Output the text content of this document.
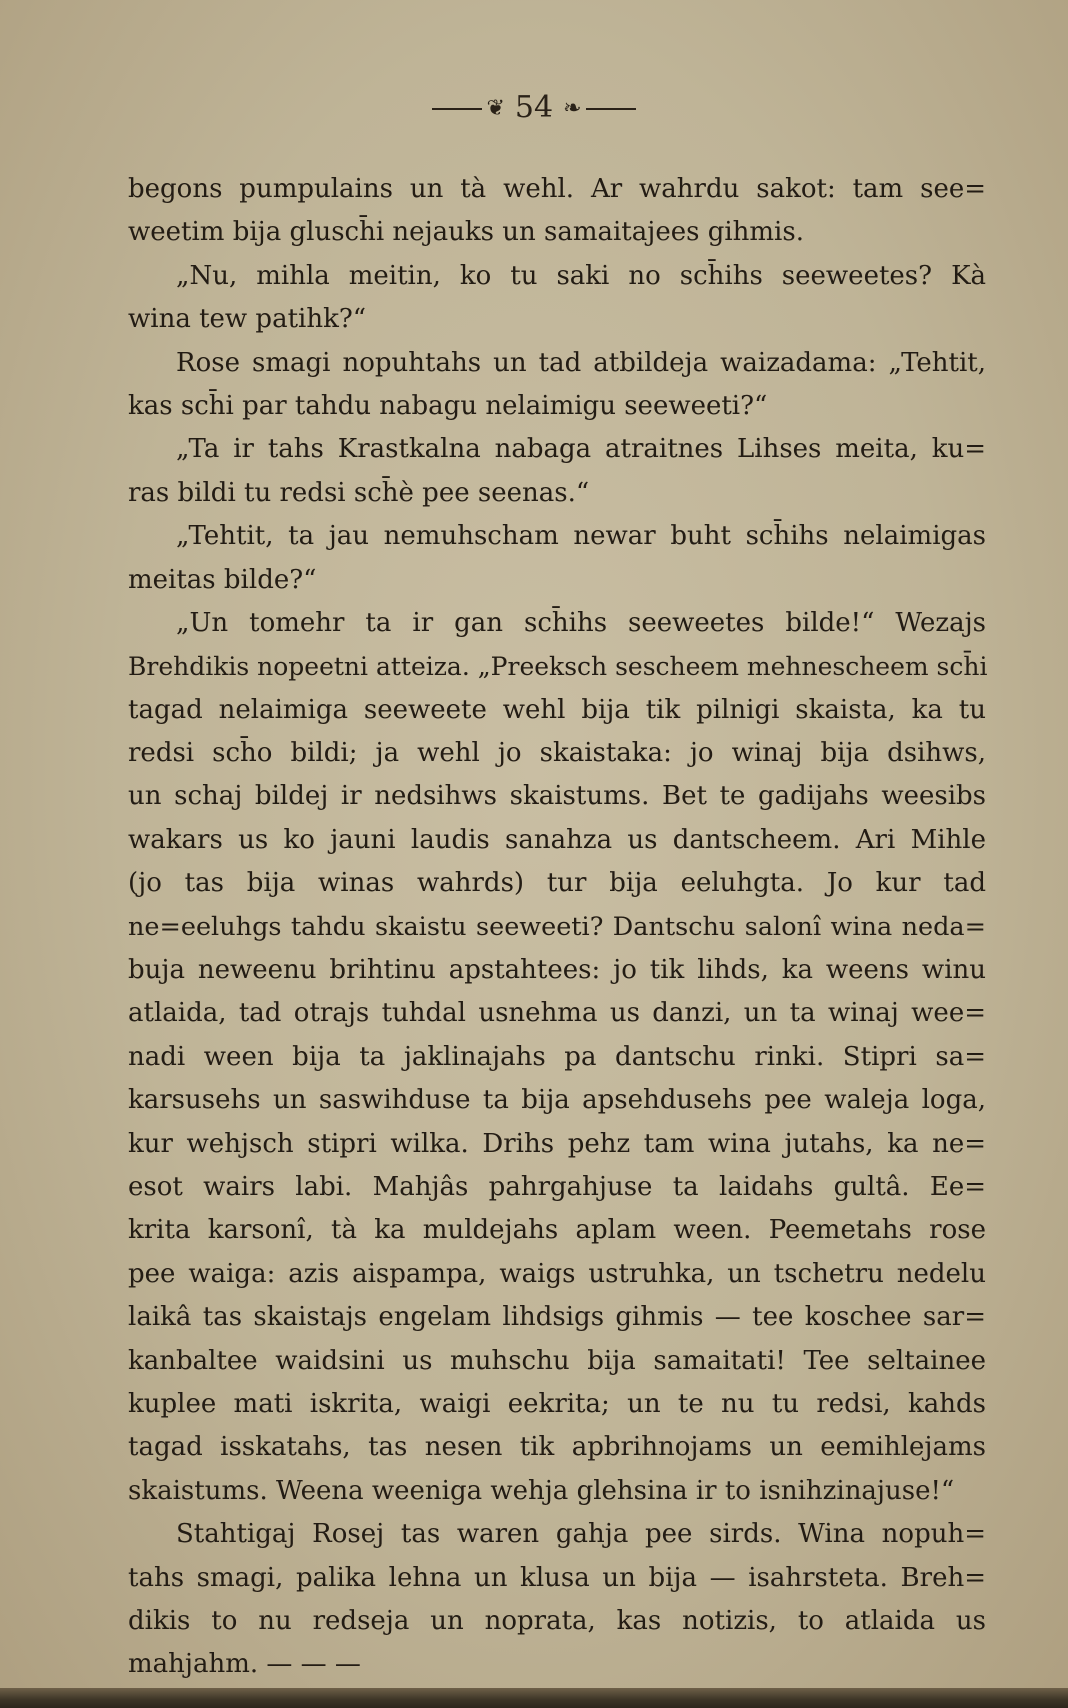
❦ 54 ❧
begons pumpulains un tà wehl. Ar wahrdu sakot: tam see=
weetim bija glusch̄i nejauks un samaitajees gihmis.
„Nu, mihla meitin, ko tu saki no sch̄ihs seeweetes? Kà
wina tew patihk?“
Rose smagi nopuhtahs un tad atbildeja waizadama: „Tehtit,
kas sch̄i par tahdu nabagu nelaimigu seeweeti?“
„Ta ir tahs Krastkalna nabaga atraitnes Lihses meita, ku=
ras bildi tu redsi sch̄è pee seenas.“
„Tehtit, ta jau nemuhscham newar buht sch̄ihs nelaimigas
meitas bilde?“
„Un tomehr ta ir gan sch̄ihs seeweetes bilde!“ Wezajs
Brehdikis nopeetni atteiza. „Preeksch sescheem mehnescheem sch̄i
tagad nelaimiga seeweete wehl bija tik pilnigi skaista, ka tu
redsi sch̄o bildi; ja wehl jo skaistaka: jo winaj bija dsihws,
un schaj bildej ir nedsihws skaistums. Bet te gadijahs weesibs
wakars us ko jauni laudis sanahza us dantscheem. Ari Mihle
(jo tas bija winas wahrds) tur bija eeluhgta. Jo kur tad
ne=eeluhgs tahdu skaistu seeweeti? Dantschu salonî wina neda=
buja neweenu brihtinu apstahtees: jo tik lihds, ka weens winu
atlaida, tad otrajs tuhdal usnehma us danzi, un ta winaj wee=
nadi ween bija ta jaklinajahs pa dantschu rinki. Stipri sa=
karsusehs un saswihduse ta bija apsehdusehs pee waleja loga,
kur wehjsch stipri wilka. Drihs pehz tam wina jutahs, ka ne=
esot wairs labi. Mahjâs pahrgahjuse ta laidahs gultâ. Ee=
krita karsonî, tà ka muldejahs aplam ween. Peemetahs rose
pee waiga: azis aispampa, waigs ustruhka, un tschetru nedelu
laikâ tas skaistajs engelam lihdsigs gihmis — tee koschee sar=
kanbaltee waidsini us muhschu bija samaitati! Tee seltainee
kuplee mati iskrita, waigi eekrita; un te nu tu redsi, kahds
tagad isskatahs, tas nesen tik apbrihnojams un eemihlejams
skaistums. Weena weeniga wehja glehsina ir to isnihzinajuse!“
Stahtigaj Rosej tas waren gahja pee sirds. Wina nopuh=
tahs smagi, palika lehna un klusa un bija — isahrsteta. Breh=
dikis to nu redseja un noprata, kas notizis, to atlaida us
mahjahm. — — —
